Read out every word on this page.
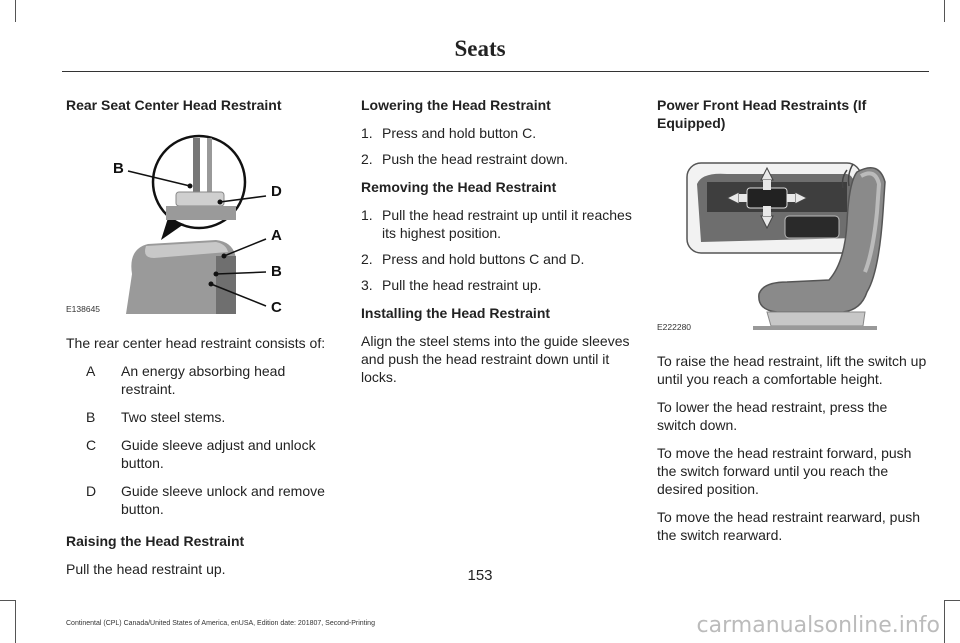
Seats
Rear Seat Center Head Restraint
B
D
A
B
C
E138645

The rear center head restraint consists of:

A	An energy absorbing head restraint.
B	Two steel stems.
C	Guide sleeve adjust and unlock button.
D	Guide sleeve unlock and remove button.
Raising the Head Restraint

Pull the head restraint up.

Lowering the Head Restraint
1. Press and hold button C.
2. Push the head restraint down.
Removing the Head Restraint
1. Pull the head restraint up until it reaches its highest position.
2. Press and hold buttons C and D.
3. Pull the head restraint up.
Installing the Head Restraint

Align the steel stems into the guide sleeves and push the head restraint down until it locks.

Power Front Head Restraints (If Equipped)
E222280

To raise the head restraint, lift the switch up until you reach a comfortable height.

To lower the head restraint, press the switch down.

To move the head restraint forward, push the switch forward until you reach the desired position.

To move the head restraint rearward, push the switch rearward.

153
Continental (CPL) Canada/United States of America, enUSA, Edition date: 201807, Second-Printing	carmanualsonline.info
